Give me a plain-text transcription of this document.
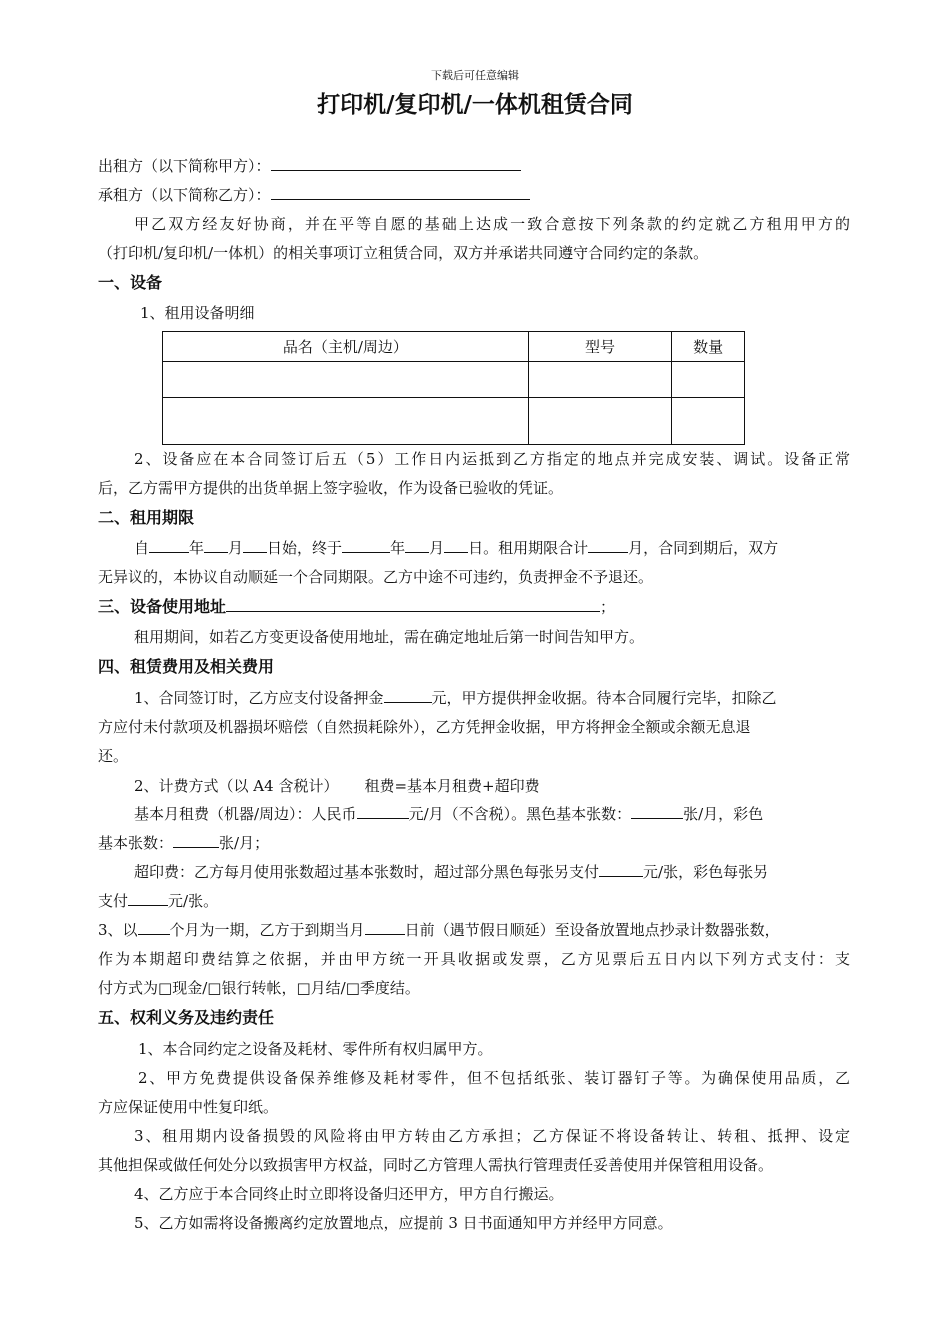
下载后可任意编辑
打印机/复印机/一体机租赁合同
出租方（以下简称甲方）：
承租方（以下简称乙方）：
甲乙双方经友好协商，并在平等自愿的基础上达成一致合意按下列条款的约定就乙方租用甲方的
（打印机/复印机/一体机）的相关事项订立租赁合同，双方并承诺共同遵守合同约定的条款。
一、设备
1、租用设备明细
品名（主机/周边）	型号	数量

2、设备应在本合同签订后五（5）工作日内运抵到乙方指定的地点并完成安装、调试。设备正常
后，乙方需甲方提供的出货单据上签字验收，作为设备已验收的凭证。
二、租用期限
自	年 月 日始，终于	年 月 日。租用期限合计	月，合同到期后，双方
无异议的，本协议自动顺延一个合同期限。乙方中途不可违约，负责押金不予退还。
三、设备使用地址	；
租用期间，如若乙方变更设备使用地址，需在确定地址后第一时间告知甲方。
四、租赁费用及相关费用
1、合同签订时，乙方应支付设备押金	元，甲方提供押金收据。待本合同履行完毕，扣除乙
方应付未付款项及机器损坏赔偿（自然损耗除外），乙方凭押金收据，甲方将押金全额或余额无息退
还。
2、计费方式（以 A4 含税计） 租费=基本月租费+超印费
基本月租费（机器/周边）：人民币	元/月（不含税）。黑色基本张数：	张/月，彩色
基本张数：	张/月；
超印费：乙方每月使用张数超过基本张数时，超过部分黑色每张另支付	元/张，彩色每张另
支付	元/张。
3、以 个月为一期，乙方于到期当月	日前（遇节假日顺延）至设备放置地点抄录计数器张数，
作为本期超印费结算之依据，并由甲方统一开具收据或发票，乙方见票后五日内以下列方式支付：支
付方式为□现金/□银行转帐，□月结/□季度结。
五、权利义务及违约责任
1、本合同约定之设备及耗材、零件所有权归属甲方。
2、甲方免费提供设备保养维修及耗材零件，但不包括纸张、装订器钉子等。为确保使用品质，乙
方应保证使用中性复印纸。
3、租用期内设备损毁的风险将由甲方转由乙方承担；乙方保证不将设备转让、转租、抵押、设定
其他担保或做任何处分以致损害甲方权益，同时乙方管理人需执行管理责任妥善使用并保管租用设备。
4、乙方应于本合同终止时立即将设备归还甲方，甲方自行搬运。
5、乙方如需将设备搬离约定放置地点，应提前 3 日书面通知甲方并经甲方同意。
